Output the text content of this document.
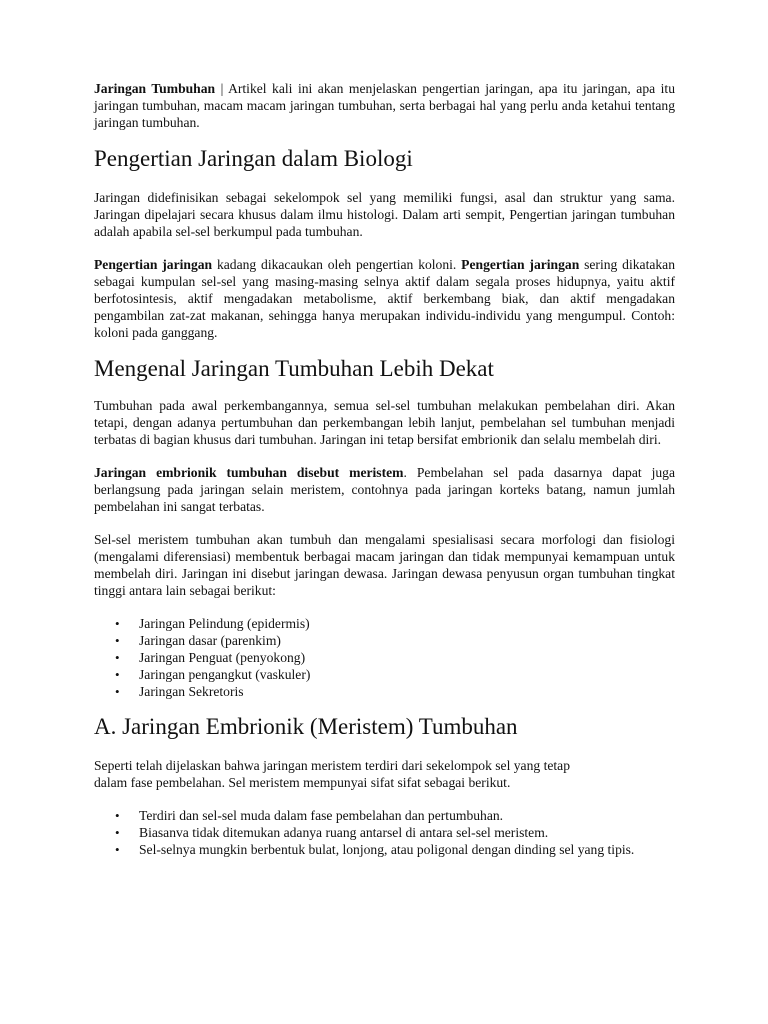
Jaringan Tumbuhan | Artikel kali ini akan menjelaskan pengertian jaringan, apa itu jaringan, apa itu jaringan tumbuhan, macam macam jaringan tumbuhan, serta berbagai hal yang perlu anda ketahui tentang jaringan tumbuhan.

Pengertian Jaringan dalam Biologi

Jaringan didefinisikan sebagai sekelompok sel yang memiliki fungsi, asal dan struktur yang sama. Jaringan dipelajari secara khusus dalam ilmu histologi. Dalam arti sempit, Pengertian jaringan tumbuhan adalah apabila sel-sel berkumpul pada tumbuhan.

Pengertian jaringan kadang dikacaukan oleh pengertian koloni. Pengertian jaringan sering dikatakan sebagai kumpulan sel-sel yang masing-masing selnya aktif dalam segala proses hidupnya, yaitu aktif berfotosintesis, aktif mengadakan metabolisme, aktif berkembang biak, dan aktif mengadakan pengambilan zat-zat makanan, sehingga hanya merupakan individu-individu yang mengumpul. Contoh: koloni pada ganggang.

Mengenal Jaringan Tumbuhan Lebih Dekat

Tumbuhan pada awal perkembangannya, semua sel-sel tumbuhan melakukan pembelahan diri. Akan tetapi, dengan adanya pertumbuhan dan perkembangan lebih lanjut, pembelahan sel tumbuhan menjadi terbatas di bagian khusus dari tumbuhan. Jaringan ini tetap bersifat embrionik dan selalu membelah diri.

Jaringan embrionik tumbuhan disebut meristem. Pembelahan sel pada dasarnya dapat juga berlangsung pada jaringan selain meristem, contohnya pada jaringan korteks batang, namun jumlah pembelahan ini sangat terbatas.

Sel-sel meristem tumbuhan akan tumbuh dan mengalami spesialisasi secara morfologi dan fisiologi (mengalami diferensiasi) membentuk berbagai macam jaringan dan tidak mempunyai kemampuan untuk membelah diri. Jaringan ini disebut jaringan dewasa. Jaringan dewasa penyusun organ tumbuhan tingkat tinggi antara lain sebagai berikut:

• Jaringan Pelindung (epidermis)
• Jaringan dasar (parenkim)
• Jaringan Penguat (penyokong)
• Jaringan pengangkut (vaskuler)
• Jaringan Sekretoris
A. Jaringan Embrionik (Meristem) Tumbuhan

Seperti telah dijelaskan bahwa jaringan meristem terdiri dari sekelompok sel yang tetap
dalam fase pembelahan. Sel meristem mempunyai sifat sifat sebagai berikut.

• Terdiri dan sel-sel muda dalam fase pembelahan dan pertumbuhan.
• Biasanva tidak ditemukan adanya ruang antarsel di antara sel-sel meristem.
• Sel-selnya mungkin berbentuk bulat, lonjong, atau poligonal dengan dinding sel yang tipis.
